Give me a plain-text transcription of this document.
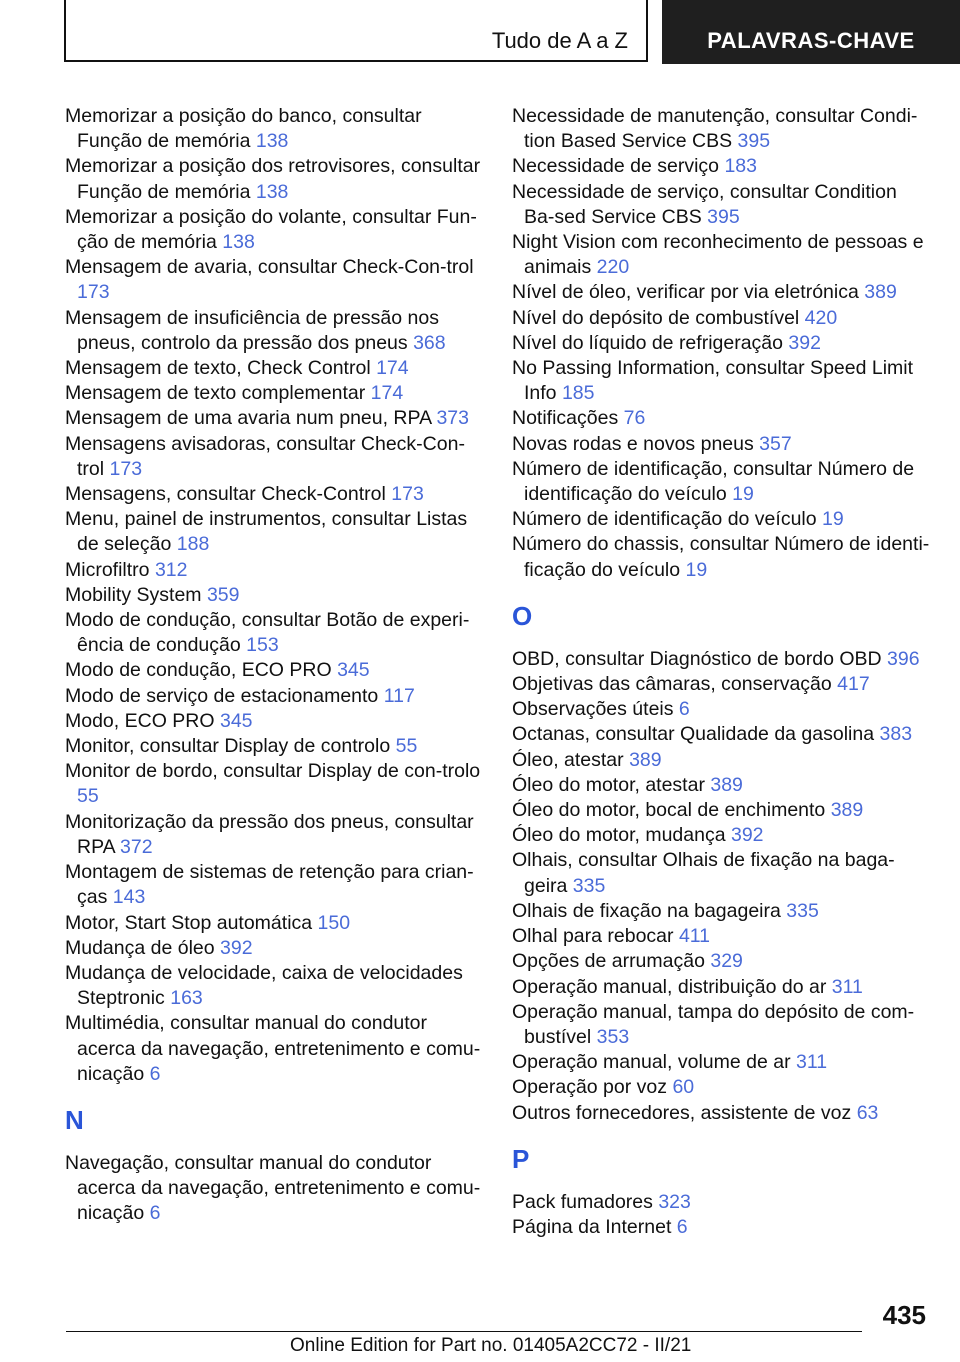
Tudo de A a Z	PALAVRAS-CHAVE
Memorizar a posição do banco, consultar Função de memória 138
Memorizar a posição dos retrovisores, consultar Função de memória 138
Memorizar a posição do volante, consultar Fun-ção de memória 138
Mensagem de avaria, consultar Check-Con-trol 173
Mensagem de insuficiência de pressão nos pneus, controlo da pressão dos pneus 368
Mensagem de texto, Check Control 174
Mensagem de texto complementar 174
Mensagem de uma avaria num pneu, RPA 373
Mensagens avisadoras, consultar Check-Con-trol 173
Mensagens, consultar Check-Control 173
Menu, painel de instrumentos, consultar Listas de seleção 188
Microfiltro 312
Mobility System 359
Modo de condução, consultar Botão de experi-ência de condução 153
Modo de condução, ECO PRO 345
Modo de serviço de estacionamento 117
Modo, ECO PRO 345
Monitor, consultar Display de controlo 55
Monitor de bordo, consultar Display de con-trolo 55
Monitorização da pressão dos pneus, consultar RPA 372
Montagem de sistemas de retenção para crian-ças 143
Motor, Start Stop automática 150
Mudança de óleo 392
Mudança de velocidade, caixa de velocidades Steptronic 163
Multimédia, consultar manual do condutor acerca da navegação, entretenimento e comu-nicação 6
N
Navegação, consultar manual do condutor acerca da navegação, entretenimento e comu-nicação 6
Necessidade de manutenção, consultar Condi-tion Based Service CBS 395
Necessidade de serviço 183
Necessidade de serviço, consultar Condition Ba-sed Service CBS 395
Night Vision com reconhecimento de pessoas e animais 220
Nível de óleo, verificar por via eletrónica 389
Nível do depósito de combustível 420
Nível do líquido de refrigeração 392
No Passing Information, consultar Speed Limit Info 185
Notificações 76
Novas rodas e novos pneus 357
Número de identificação, consultar Número de identificação do veículo 19
Número de identificação do veículo 19
Número do chassis, consultar Número de identi-ficação do veículo 19
O
OBD, consultar Diagnóstico de bordo OBD 396
Objetivas das câmaras, conservação 417
Observações úteis 6
Octanas, consultar Qualidade da gasolina 383
Óleo, atestar 389
Óleo do motor, atestar 389
Óleo do motor, bocal de enchimento 389
Óleo do motor, mudança 392
Olhais, consultar Olhais de fixação na baga-geira 335
Olhais de fixação na bagageira 335
Olhal para rebocar 411
Opções de arrumação 329
Operação manual, distribuição do ar 311
Operação manual, tampa do depósito de com-bustível 353
Operação manual, volume de ar 311
Operação por voz 60
Outros fornecedores, assistente de voz 63
P
Pack fumadores 323
Página da Internet 6
435
Online Edition for Part no. 01405A2CC72 - II/21
